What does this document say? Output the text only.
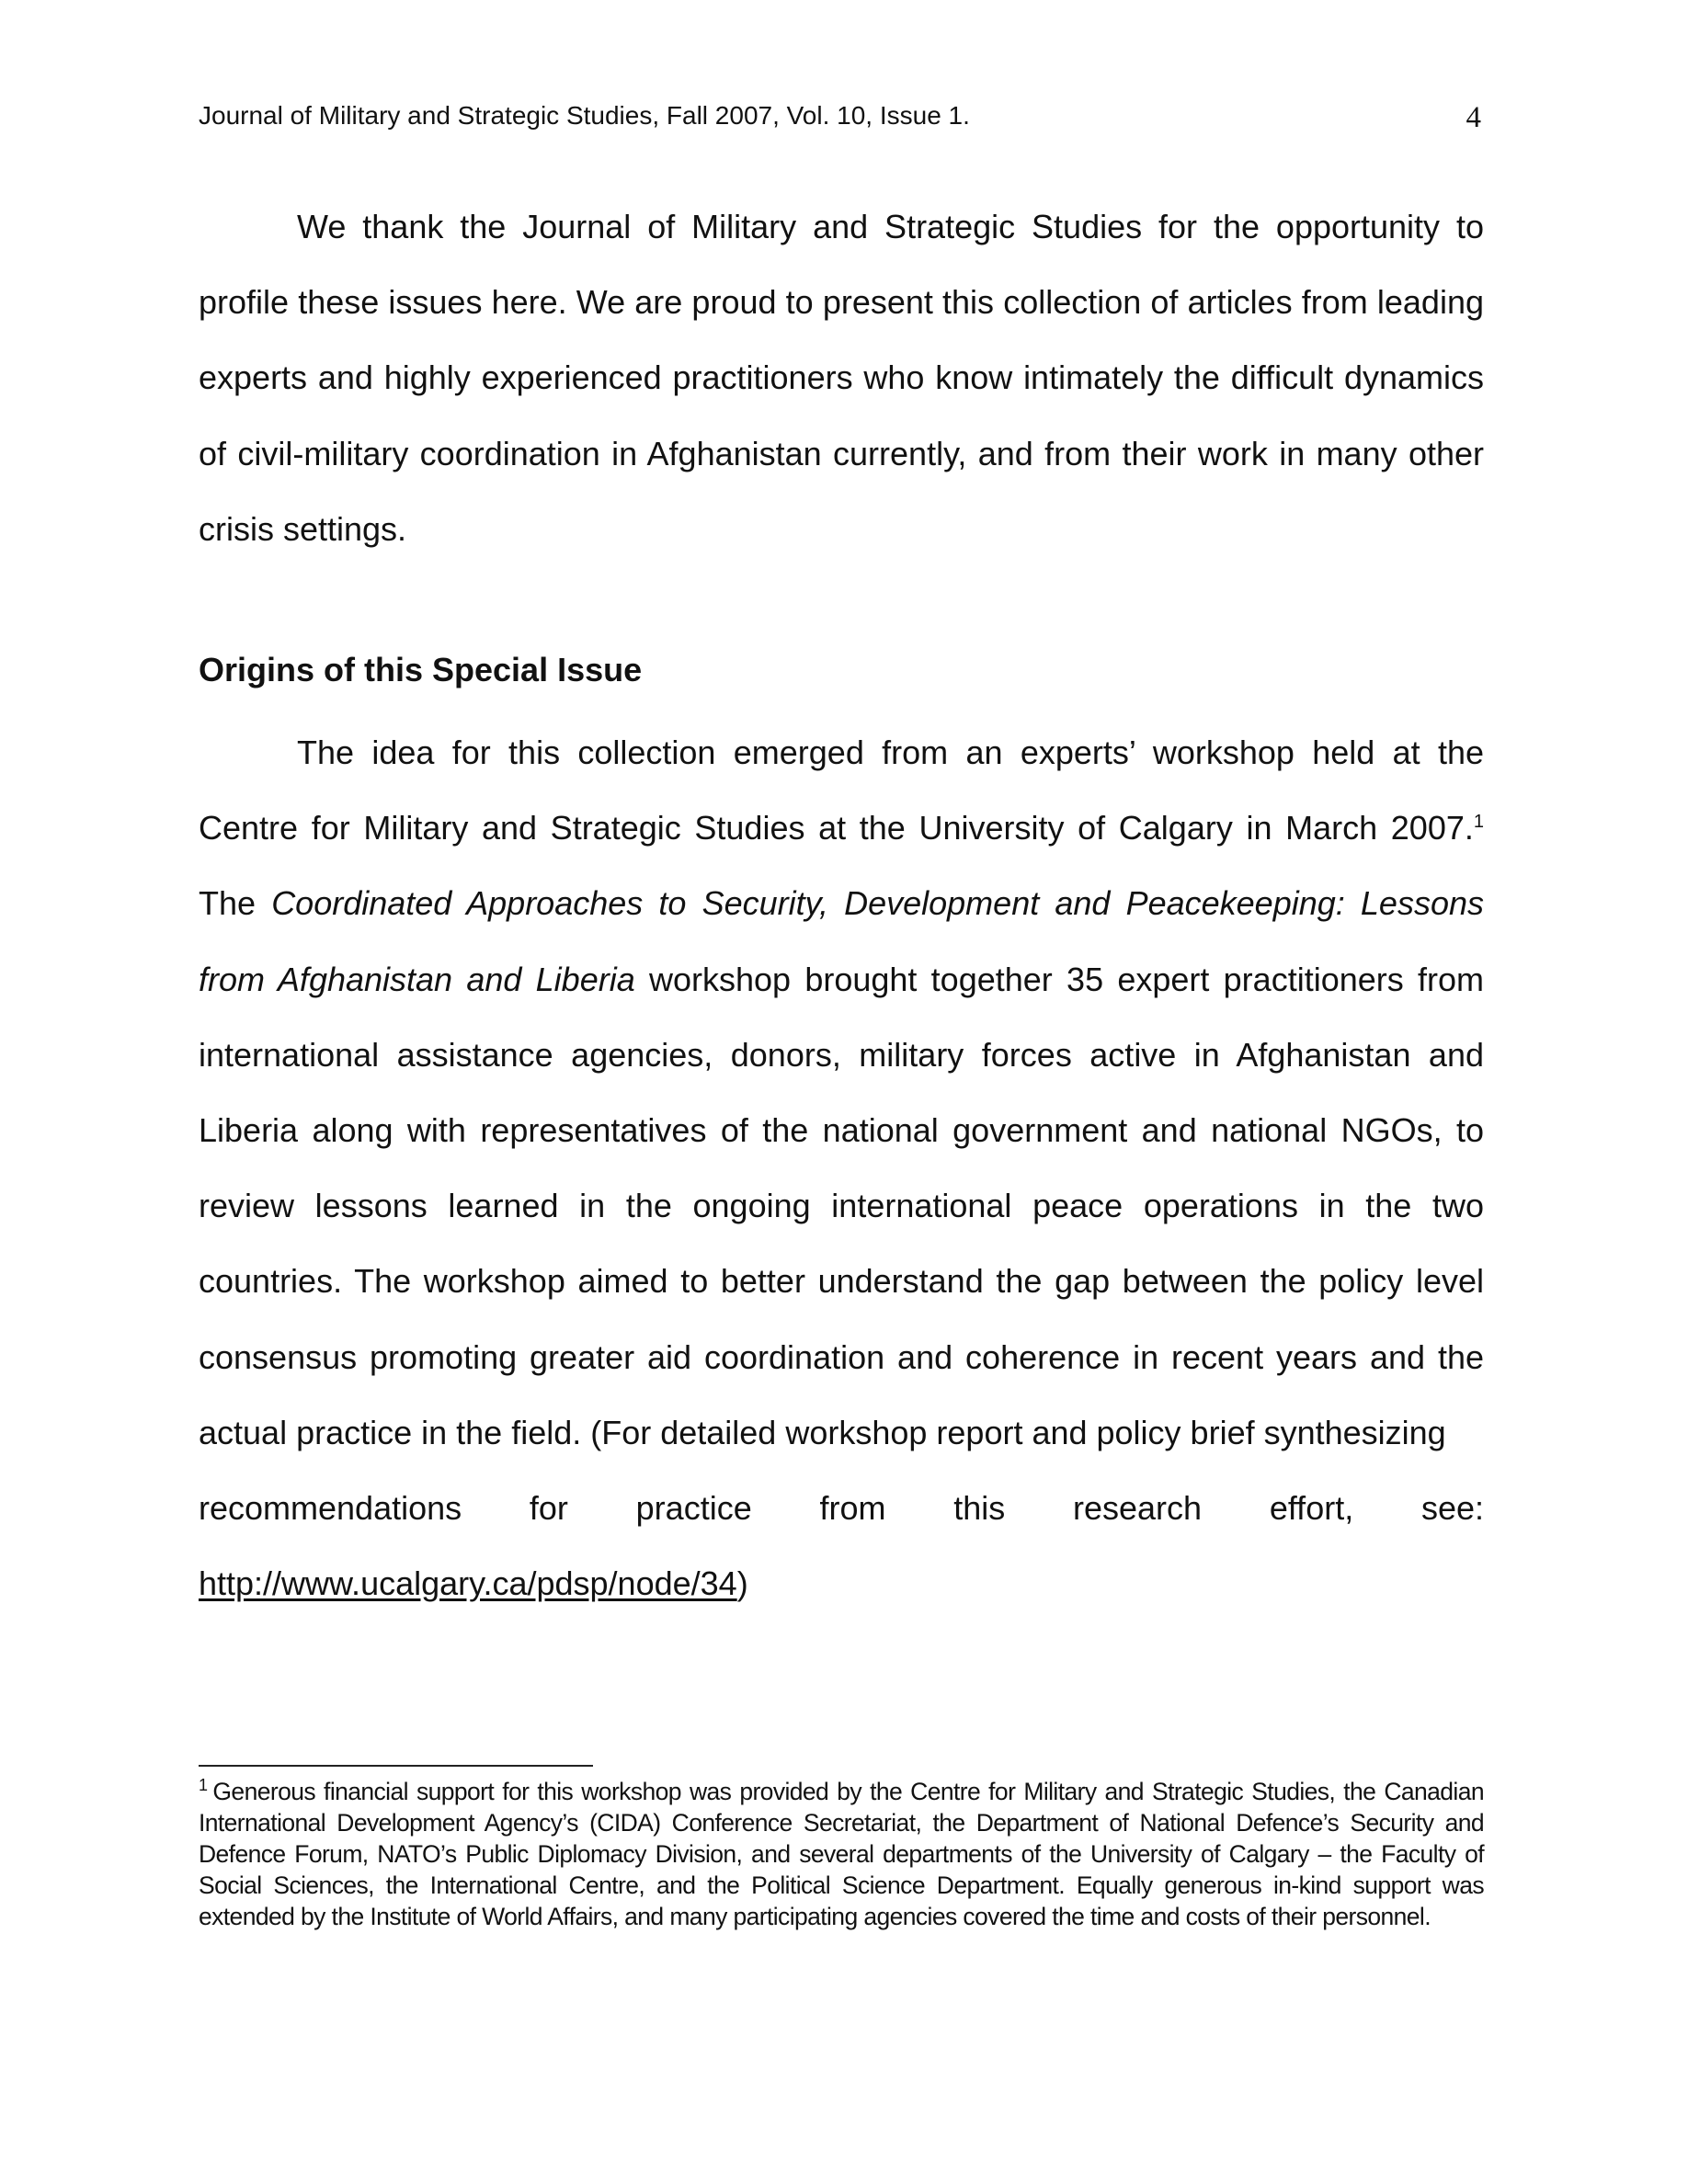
Journal of Military and Strategic Studies, Fall 2007, Vol. 10, Issue 1.	4

We thank the Journal of Military and Strategic Studies for the opportunity to profile these issues here. We are proud to present this collection of articles from leading experts and highly experienced practitioners who know intimately the difficult dynamics of civil-military coordination in Afghanistan currently, and from their work in many other crisis settings.

Origins of this Special Issue
The idea for this collection emerged from an experts’ workshop held at the Centre for Military and Strategic Studies at the University of Calgary in March 2007.$^1$ The Coordinated Approaches to Security, Development and Peacekeeping: Lessons from Afghanistan and Liberia workshop brought together 35 expert practitioners from international assistance agencies, donors, military forces active in Afghanistan and Liberia along with representatives of the national government and national NGOs, to review lessons learned in the ongoing international peace operations in the two countries. The workshop aimed to better understand the gap between the policy level consensus promoting greater aid coordination and coherence in recent years and the actual practice in the field. (For detailed workshop report and policy brief synthesizing
recommendations for practice from this research effort, see:
http://www.ucalgary.ca/pdsp/node/34)

$^1$ Generous financial support for this workshop was provided by the Centre for Military and Strategic Studies, the Canadian International Development Agency’s (CIDA) Conference Secretariat, the Department of National Defence’s Security and Defence Forum, NATO’s Public Diplomacy Division, and several departments of the University of Calgary – the Faculty of Social Sciences, the International Centre, and the Political Science Department. Equally generous in-kind support was extended by the Institute of World Affairs, and many participating agencies covered the time and costs of their personnel.
